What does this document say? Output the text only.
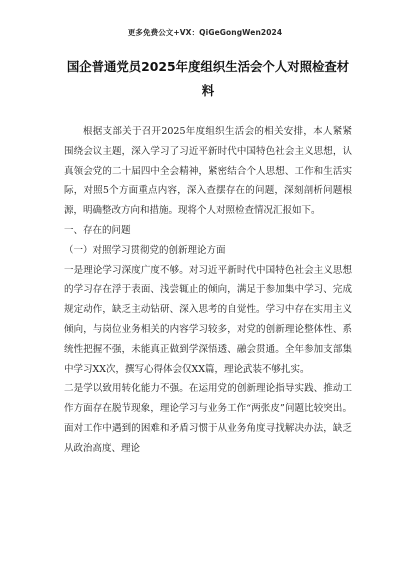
更多免费公文+VX：QiGeGongWen2024
国企普通党员2025年度组织生活会个人对照检查材料

根据支部关于召开2025年度组织生活会的相关安排，本人紧紧围绕会议主题，深入学习了习近平新时代中国特色社会主义思想，认真领会党的二十届四中全会精神，紧密结合个人思想、工作和生活实际，对照5个方面重点内容，深入查摆存在的问题，深刻剖析问题根源，明确整改方向和措施。现将个人对照检查情况汇报如下。

一、存在的问题

（一）对照学习贯彻党的创新理论方面

一是理论学习深度广度不够。对习近平新时代中国特色社会主义思想的学习存在浮于表面、浅尝辄止的倾向，满足于参加集中学习、完成规定动作，缺乏主动钻研、深入思考的自觉性。学习中存在实用主义倾向，与岗位业务相关的内容学习较多，对党的创新理论整体性、系统性把握不强，未能真正做到学深悟透、融会贯通。全年参加支部集中学习XX次，撰写心得体会仅XX篇，理论武装不够扎实。

二是学以致用转化能力不强。在运用党的创新理论指导实践、推动工作方面存在脱节现象，理论学习与业务工作“两张皮”问题比较突出。面对工作中遇到的困难和矛盾习惯于从业务角度寻找解决办法，缺乏从政治高度、理论
